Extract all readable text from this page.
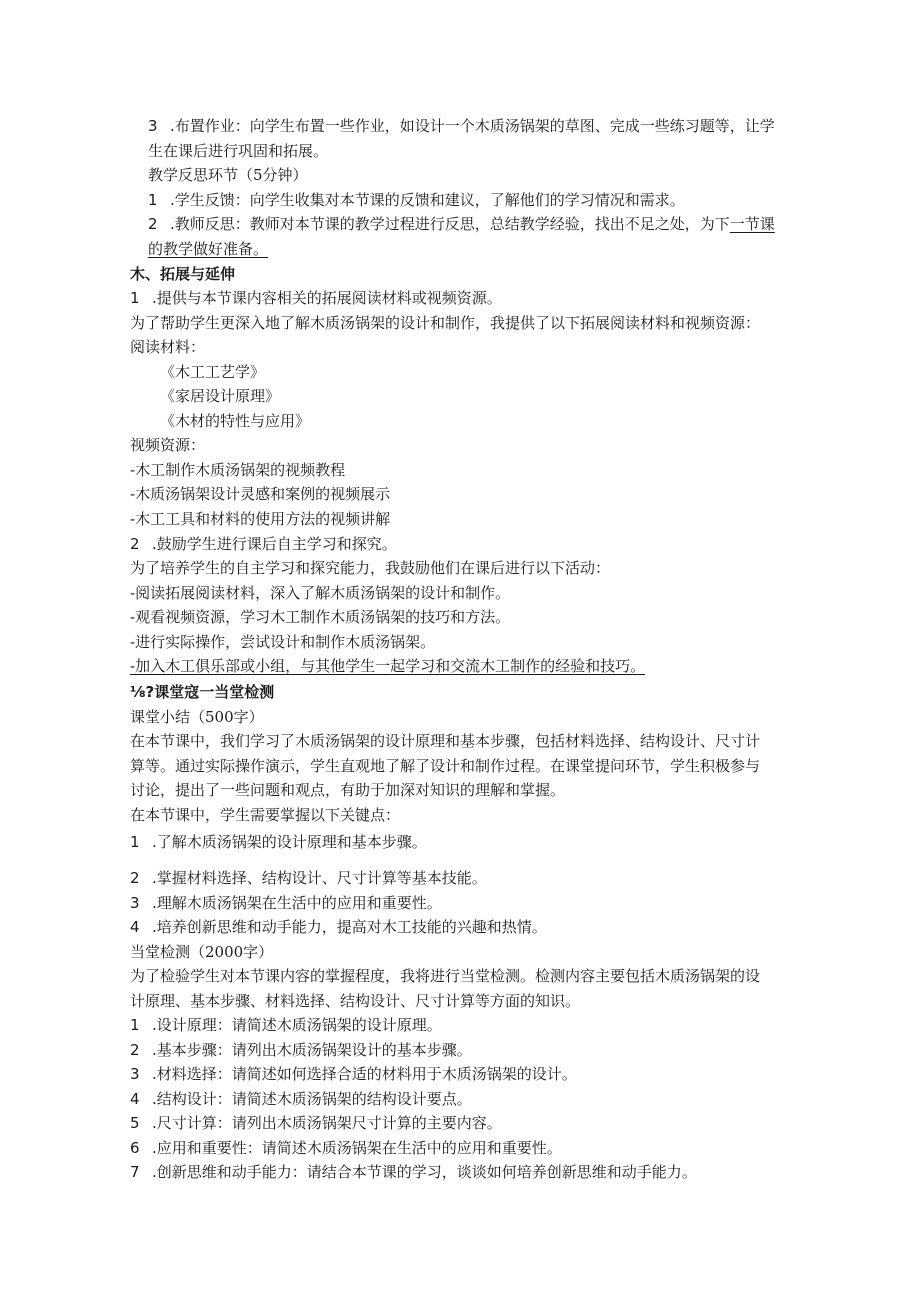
3 .布置作业：向学生布置一些作业，如设计一个木质汤锅架的草图、完成一些练习题等，让学
生在课后进行巩固和拓展。
教学反思环节（5分钟）
1 .学生反馈：向学生收集对本节课的反馈和建议，了解他们的学习情况和需求。
2 .教师反思：教师对本节课的教学过程进行反思，总结教学经验，找出不足之处，为下一节课
的教学做好准备。
木、拓展与延伸
1 .提供与本节课内容相关的拓展阅读材料或视频资源。
为了帮助学生更深入地了解木质汤锅架的设计和制作，我提供了以下拓展阅读材料和视频资源：
阅读材料：
《木工工艺学》
《家居设计原理》
《木材的特性与应用》
视频资源：
-木工制作木质汤锅架的视频教程
-木质汤锅架设计灵感和案例的视频展示
-木工工具和材料的使用方法的视频讲解
2 .鼓励学生进行课后自主学习和探究。
为了培养学生的自主学习和探究能力，我鼓励他们在课后进行以下活动：
-阅读拓展阅读材料，深入了解木质汤锅架的设计和制作。
-观看视频资源，学习木工制作木质汤锅架的技巧和方法。
-进行实际操作，尝试设计和制作木质汤锅架。
-加入木工俱乐部或小组，与其他学生一起学习和交流木工制作的经验和技巧。
⅛?课堂寇一当堂检测
课堂小结（500字）
在本节课中，我们学习了木质汤锅架的设计原理和基本步骤，包括材料选择、结构设计、尺寸计
算等。通过实际操作演示，学生直观地了解了设计和制作过程。在课堂提问环节，学生积极参与
讨论，提出了一些问题和观点，有助于加深对知识的理解和掌握。
在本节课中，学生需要掌握以下关键点：
1 .了解木质汤锅架的设计原理和基本步骤。
2 .掌握材料选择、结构设计、尺寸计算等基本技能。
3 .理解木质汤锅架在生活中的应用和重要性。
4 .培养创新思维和动手能力，提高对木工技能的兴趣和热情。
当堂检测（2000字）
为了检验学生对本节课内容的掌握程度，我将进行当堂检测。检测内容主要包括木质汤锅架的设
计原理、基本步骤、材料选择、结构设计、尺寸计算等方面的知识。
1 .设计原理：请简述木质汤锅架的设计原理。
2 .基本步骤：请列出木质汤锅架设计的基本步骤。
3 .材料选择：请简述如何选择合适的材料用于木质汤锅架的设计。
4 .结构设计：请简述木质汤锅架的结构设计要点。
5 .尺寸计算：请列出木质汤锅架尺寸计算的主要内容。
6 .应用和重要性：请简述木质汤锅架在生活中的应用和重要性。
7 .创新思维和动手能力：请结合本节课的学习，谈谈如何培养创新思维和动手能力。
